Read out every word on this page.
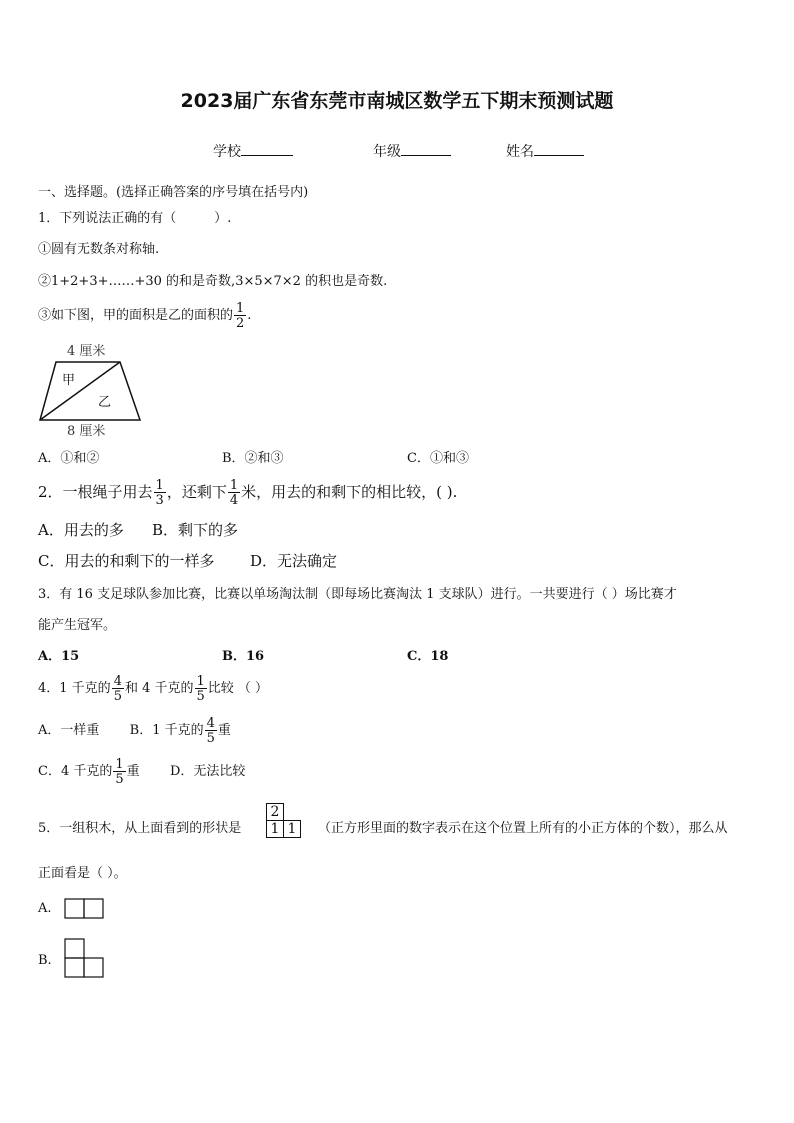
2023届广东省东莞市南城区数学五下期末预测试题
学校	年级	姓名
一、选择题。(选择正确答案的序号填在括号内)
1．下列说法正确的有（	）.
①圆有无数条对称轴.
②1+2+3+……+30 的和是奇数,3×5×7×2 的积也是奇数.
③如下图，甲的面积是乙的面积的 $\frac{1}{2}$ .
4 厘米
甲
乙
8 厘米
A．①和②	B．②和③	C．①和③
2．一根绳子用去 $\frac{1}{3}$ ，还剩下 $\frac{1}{4}$ 米，用去的和剩下的相比较，( ).
A．用去的多 B．剩下的多
C．用去的和剩下的一样多 D．无法确定
3．有 16 支足球队参加比赛，比赛以单场淘汰制（即每场比赛淘汰 1 支球队）进行。一共要进行（ ）场比赛才
能产生冠军。
A．15	B．16	C．18
4．1 千克的 $\frac{4}{5}$ 和 4 千克的 $\frac{1}{5}$ 比较 （ ）
A．一样重 B．1 千克的 $\frac{4}{5}$ 重
C．4 千克的 $\frac{1}{5}$ 重 D．无法比较
5．一组积木，从上面看到的形状是
2	
1	1 （正方形里面的数字表示在这个位置上所有的小正方体的个数），那么从
正面看是（ ）。
A.
B.
